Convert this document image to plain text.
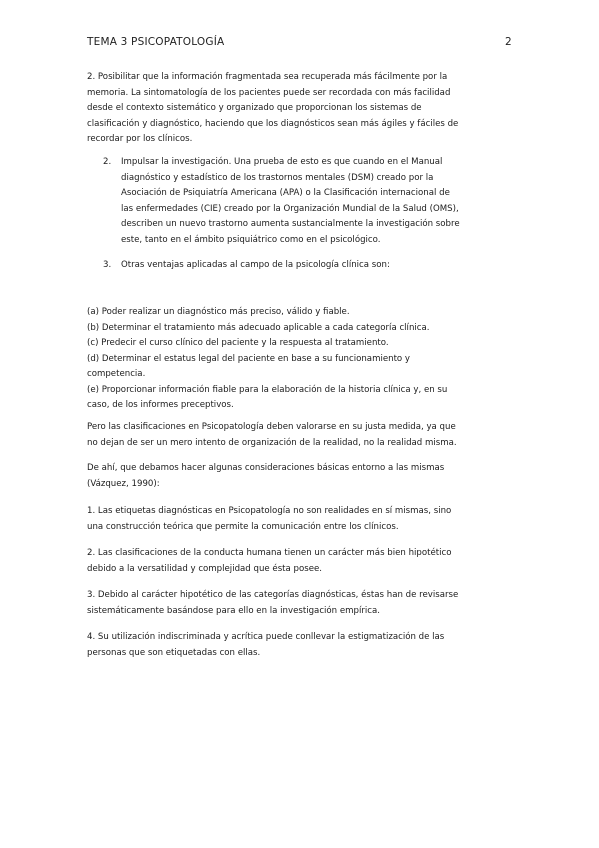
TEMA 3 PSICOPATOLOGÍA	2

2. Posibilitar que la información fragmentada sea recuperada más fácilmente por la
memoria. La sintomatología de los pacientes puede ser recordada con más facilidad
desde el contexto sistemático y organizado que proporcionan los sistemas de
clasificación y diagnóstico, haciendo que los diagnósticos sean más ágiles y fáciles de
recordar por los clínicos.

2.	Impulsar la investigación. Una prueba de esto es que cuando en el Manual
diagnóstico y estadístico de los trastornos mentales (DSM) creado por la
Asociación de Psiquiatría Americana (APA) o la Clasificación internacional de
las enfermedades (CIE) creado por la Organización Mundial de la Salud (OMS),
describen un nuevo trastorno aumenta sustancialmente la investigación sobre
este, tanto en el ámbito psiquiátrico como en el psicológico.
3.	Otras ventajas aplicadas al campo de la psicología clínica son:

(a) Poder realizar un diagnóstico más preciso, válido y fiable.
(b) Determinar el tratamiento más adecuado aplicable a cada categoría clínica.
(c) Predecir el curso clínico del paciente y la respuesta al tratamiento.
(d) Determinar el estatus legal del paciente en base a su funcionamiento y
competencia.
(e) Proporcionar información fiable para la elaboración de la historia clínica y, en su
caso, de los informes preceptivos.

Pero las clasificaciones en Psicopatología deben valorarse en su justa medida, ya que
no dejan de ser un mero intento de organización de la realidad, no la realidad misma.

De ahí, que debamos hacer algunas consideraciones básicas entorno a las mismas
(Vázquez, 1990):

1. Las etiquetas diagnósticas en Psicopatología no son realidades en sí mismas, sino
una construcción teórica que permite la comunicación entre los clínicos.

2. Las clasificaciones de la conducta humana tienen un carácter más bien hipotético
debido a la versatilidad y complejidad que ésta posee.

3. Debido al carácter hipotético de las categorías diagnósticas, éstas han de revisarse
sistemáticamente basándose para ello en la investigación empírica.

4. Su utilización indiscriminada y acrítica puede conllevar la estigmatización de las
personas que son etiquetadas con ellas.
